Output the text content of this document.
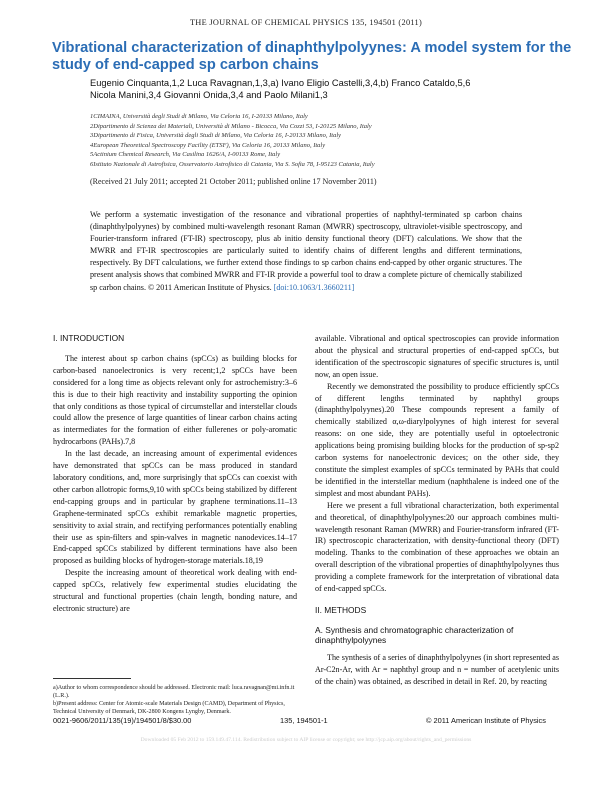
THE JOURNAL OF CHEMICAL PHYSICS 135, 194501 (2011)
Vibrational characterization of dinaphthylpolyynes: A model system for the study of end-capped sp carbon chains
Eugenio Cinquanta,1,2 Luca Ravagnan,1,3,a) Ivano Eligio Castelli,3,4,b) Franco Cataldo,5,6
Nicola Manini,3,4 Giovanni Onida,3,4 and Paolo Milani1,3
1CIMAINA, Università degli Studi di Milano, Via Celoria 16, I-20133 Milano, Italy
2Dipartimento di Scienza dei Materiali, Università di Milano - Bicocca, Via Cozzi 53, I-20125 Milano, Italy
3Dipartimento di Fisica, Università degli Studi di Milano, Via Celoria 16, I-20133 Milano, Italy
4European Theoretical Spectroscopy Facility (ETSF), Via Celoria 16, 20133 Milano, Italy
5Actinium Chemical Research, Via Casilina 1626/A, I-00133 Rome, Italy
6Istituto Nazionale di Astrofisica, Osservatorio Astrofisico di Catania, Via S. Sofia 78, I-95123 Catania, Italy
(Received 21 July 2011; accepted 21 October 2011; published online 17 November 2011)
We perform a systematic investigation of the resonance and vibrational properties of naphthyl-terminated sp carbon chains (dinaphthylpolyynes) by combined multi-wavelength resonant Raman (MWRR) spectroscopy, ultraviolet-visible spectroscopy, and Fourier-transform infrared (FT-IR) spectroscopy, plus ab initio density functional theory (DFT) calculations. We show that the MWRR and FT-IR spectroscopies are particularly suited to identify chains of different lengths and different terminations, respectively. By DFT calculations, we further extend those findings to sp carbon chains end-capped by other organic structures. The present analysis shows that combined MWRR and FT-IR provide a powerful tool to draw a complete picture of chemically stabilized sp carbon chains. © 2011 American Institute of Physics. [doi:10.1063/1.3660211]
I. INTRODUCTION

The interest about sp carbon chains (spCCs) as building blocks for carbon-based nanoelectronics is very recent;1,2 spCCs have been considered for a long time as objects relevant only for astrochemistry:3–6 this is due to their high reactivity and instability supporting the opinion that only conditions as those typical of circumstellar and interstellar clouds could allow the presence of large quantities of linear carbon chains acting as intermediates for the formation of either fullerenes or poly-aromatic hydrocarbons (PAHs).7,8

In the last decade, an increasing amount of experimental evidences have demonstrated that spCCs can be mass produced in standard laboratory conditions, and, more surprisingly that spCCs can coexist with other carbon allotropic forms,9,10 with spCCs being stabilized by different end-capping groups and in particular by graphene terminations.11–13 Graphene-terminated spCCs exhibit remarkable magnetic properties, sensitivity to axial strain, and rectifying performances potentially enabling their use as spin-filters and spin-valves in magnetic nanodevices.14–17 End-capped spCCs stabilized by different terminations have also been proposed as building blocks of hydrogen-storage materials.18,19

Despite the increasing amount of theoretical work dealing with end-capped spCCs, relatively few experimental studies elucidating the structural and functional properties (chain length, bonding nature, and electronic structure) are

a)Author to whom correspondence should be addressed. Electronic mail: luca.ravagnan@mi.infn.it (L.R.).
b)Present address: Center for Atomic-scale Materials Design (CAMD), Department of Physics, Technical University of Denmark, DK-2800 Kongens Lyngby, Denmark.

available. Vibrational and optical spectroscopies can provide information about the physical and structural properties of end-capped spCCs, but identification of the spectroscopic signatures of specific structures is, until now, an open issue.

Recently we demonstrated the possibility to produce efficiently spCCs of different lengths terminated by naphthyl groups (dinaphthylpolyynes).20 These compounds represent a family of chemically stabilized α,ω-diarylpolyynes of high interest for several reasons: on one side, they are potentially useful in optoelectronic applications being promising building blocks for the production of sp-sp2 carbon systems for nanoelectronic devices; on the other side, they constitute the simplest examples of spCCs terminated by PAHs that could be identified in the interstellar medium (naphthalene is indeed one of the simplest and most abundant PAHs).

Here we present a full vibrational characterization, both experimental and theoretical, of dinaphthylpolyynes:20 our approach combines multi-wavelength resonant Raman (MWRR) and Fourier-transform infrared (FT-IR) spectroscopic characterization, with density-functional theory (DFT) modeling. Thanks to the combination of these approaches we obtain an overall description of the vibrational properties of dinaphthylpolyynes thus providing a complete framework for the interpretation of vibrational data of end-capped spCCs.

II. METHODS
A. Synthesis and chromatographic characterization of dinaphthylpolyynes

The synthesis of a series of dinaphthylpolyynes (in short represented as Ar-C2n-Ar, with Ar = naphthyl group and n = number of acetylenic units of the chain) was obtained, as described in detail in Ref. 20, by reacting

0021-9606/2011/135(19)/194501/8/$30.00	135, 194501-1	© 2011 American Institute of Physics
Downloaded 05 Feb 2012 to 159.149.47.114. Redistribution subject to AIP license or copyright; see http://jcp.aip.org/about/rights_and_permissions
